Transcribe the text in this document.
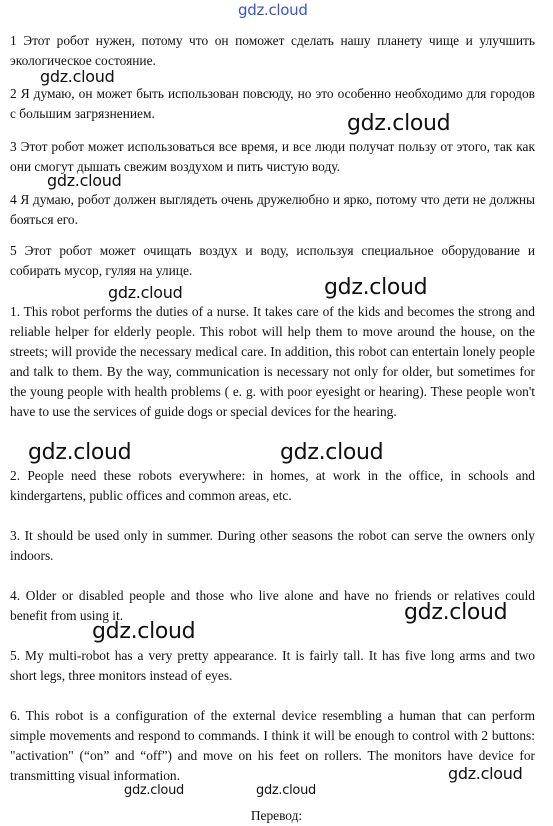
1 Этот робот нужен, потому что он поможет сделать нашу планету чище и улучшить экологическое состояние.

2 Я думаю, он может быть использован повсюду, но это особенно необходимо для городов с большим загрязнением.

3 Этот робот может использоваться все время, и все люди получат пользу от этого, так как они смогут дышать свежим воздухом и пить чистую воду.

4 Я думаю, робот должен выглядеть очень дружелюбно и ярко, потому что дети не должны бояться его.

5 Этот робот может очищать воздух и воду, используя специальное оборудование и собирать мусор, гуляя на улице.

1. This robot performs the duties of a nurse. It takes care of the kids and becomes the strong and reliable helper for elderly people. This robot will help them to move around the house, on the streets; will provide the necessary medical care. In addition, this robot can entertain lonely people and talk to them. By the way, communication is necessary not only for older, but sometimes for the young people with health problems ( e. g. with poor eyesight or hearing). These people won't have to use the services of guide dogs or special devices for the hearing.

2. People need these robots everywhere: in homes, at work in the office, in schools and kindergartens, public offices and common areas, etc.

3. It should be used only in summer. During other seasons the robot can serve the owners only indoors.

4. Older or disabled people and those who live alone and have no friends or relatives could benefit from using it.

5. My multi-robot has a very pretty appearance. It is fairly tall. It has five long arms and two short legs, three monitors instead of eyes.

6. This robot is a configuration of the external device resembling a human that can perform simple movements and respond to commands. I think it will be enough to control with 2 buttons: "activation" (“on” and “off”) and move on his feet on rollers. The monitors have device for transmitting visual information.

Перевод:
gdz.cloud
gdz.cloud
gdz.cloud
gdz.cloud
gdz.cloud	gdz.cloud
gdz.cloud	gdz.cloud
gdz.cloud
gdz.cloud
gdz.cloud
gdz.cloud	gdz.cloud
